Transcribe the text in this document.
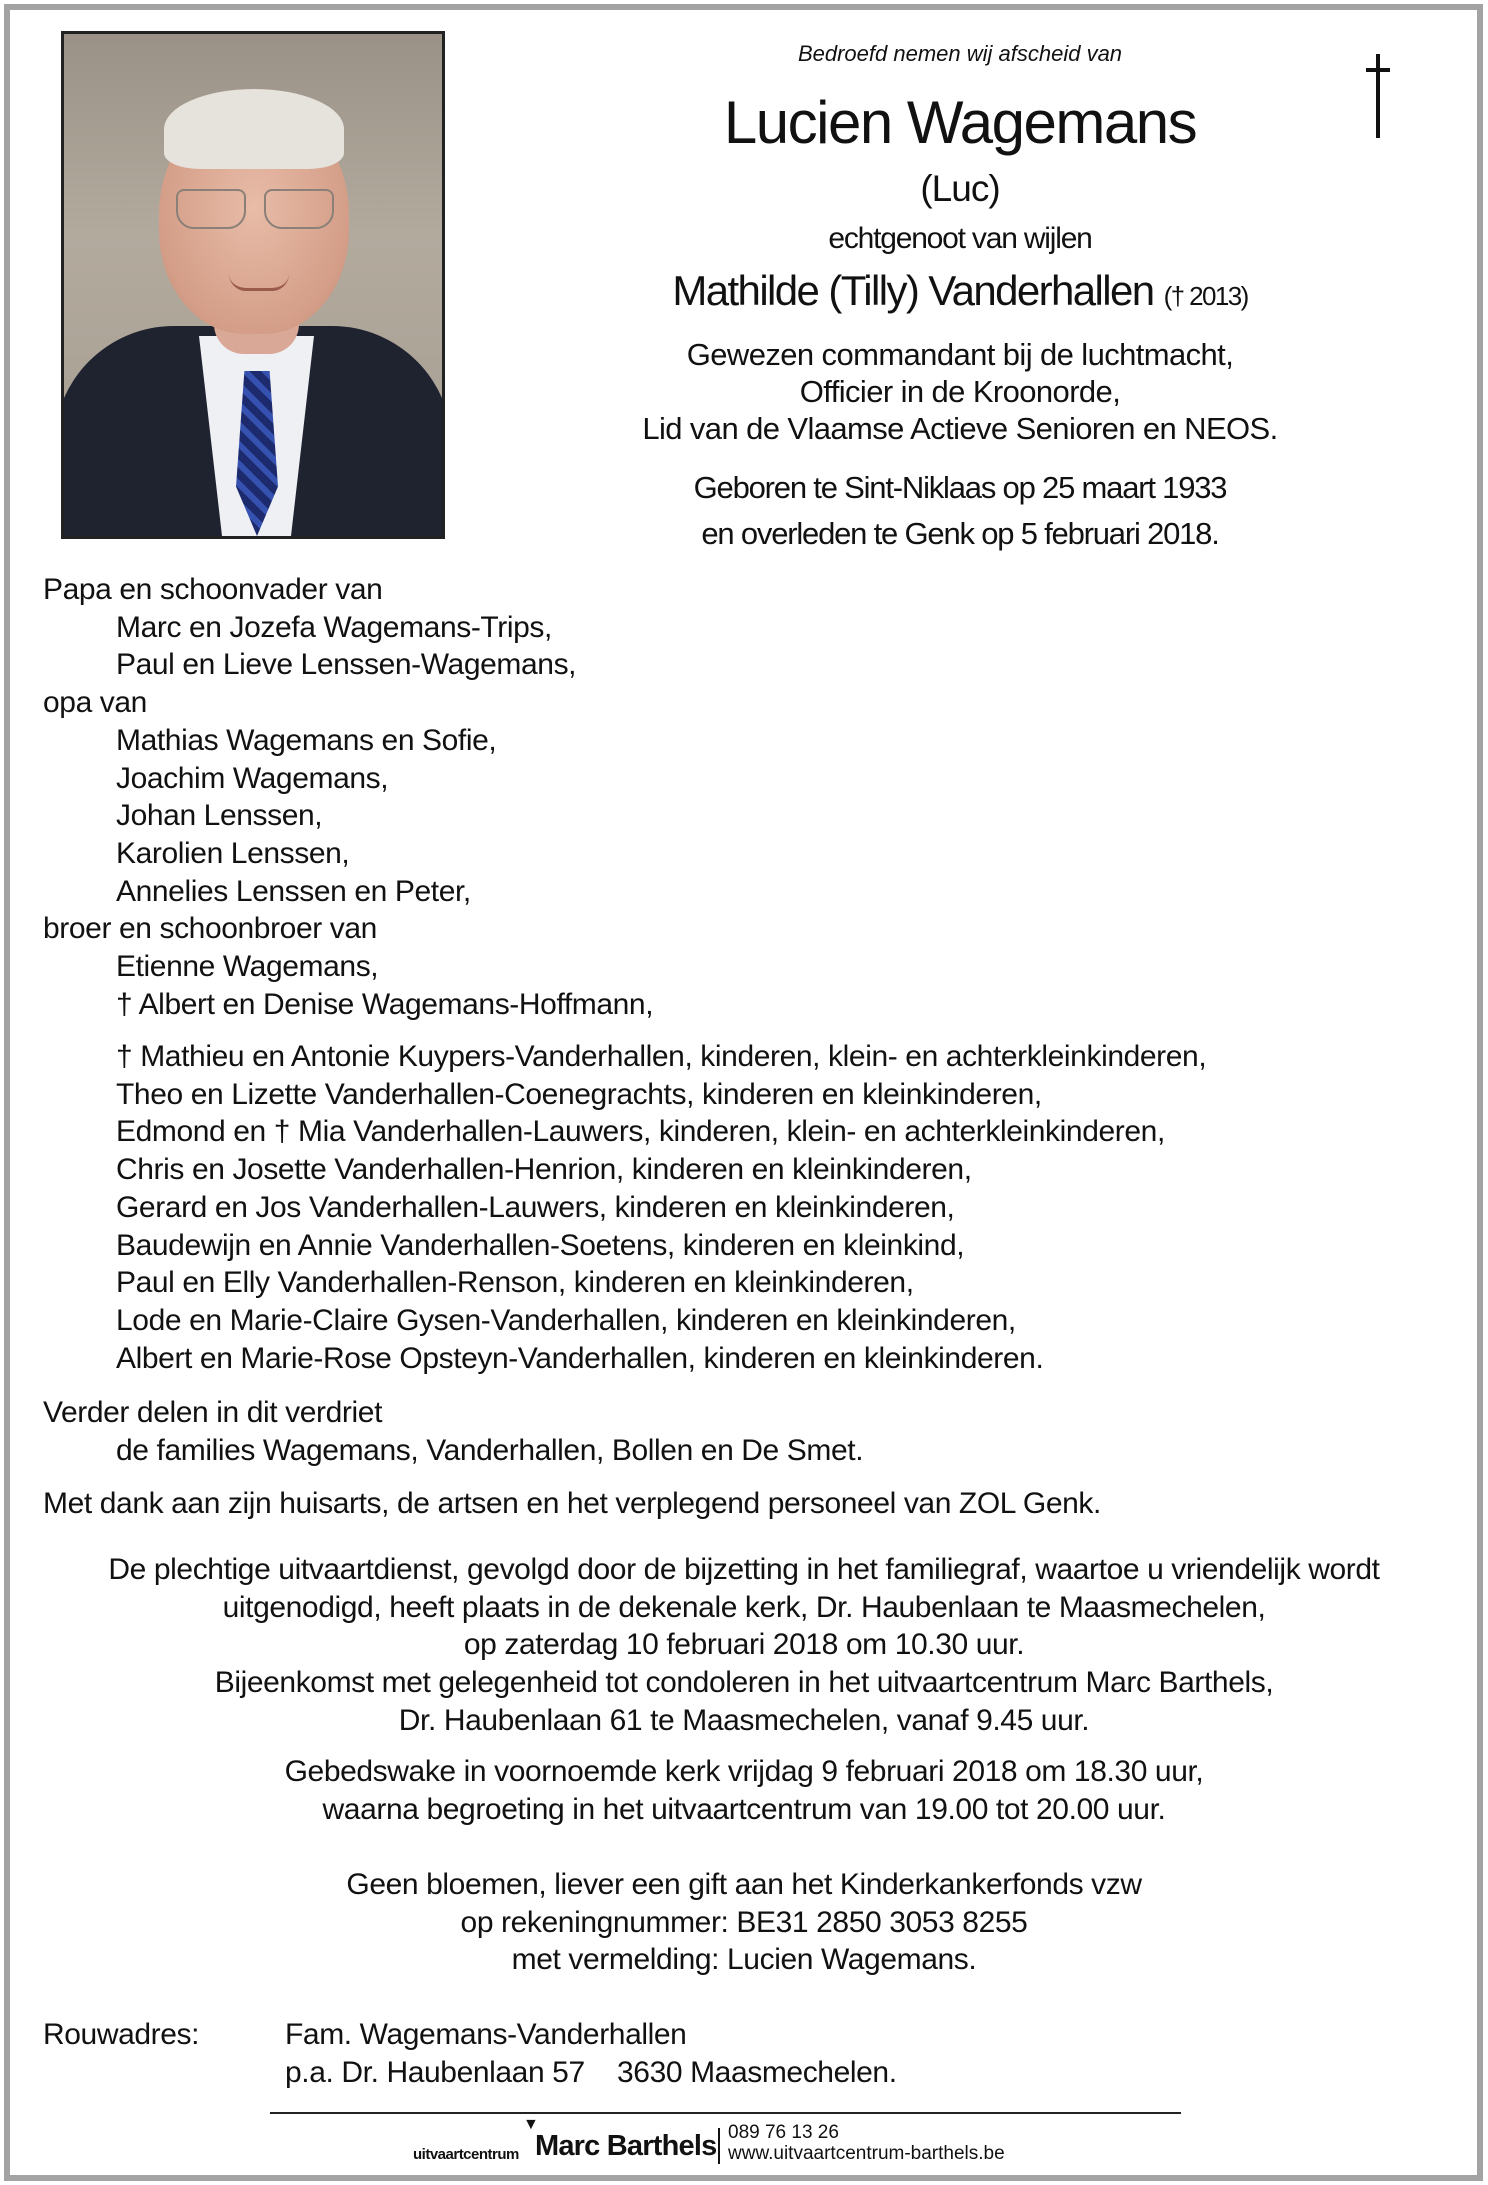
Bedroefd nemen wij afscheid van
Lucien Wagemans
(Luc)
echtgenoot van wijlen
Mathilde (Tilly) Vanderhallen († 2013)
Gewezen commandant bij de luchtmacht,
Officier in de Kroonorde,
Lid van de Vlaamse Actieve Senioren en NEOS.
Geboren te Sint-Niklaas op 25 maart 1933
en overleden te Genk op 5 februari 2018.
Papa en schoonvader van
Marc en Jozefa Wagemans-Trips,
Paul en Lieve Lenssen-Wagemans,
opa van
Mathias Wagemans en Sofie,
Joachim Wagemans,
Johan Lenssen,
Karolien Lenssen,
Annelies Lenssen en Peter,
broer en schoonbroer van
Etienne Wagemans,
† Albert en Denise Wagemans-Hoffmann,
† Mathieu en Antonie Kuypers-Vanderhallen, kinderen, klein- en achterkleinkinderen,
Theo en Lizette Vanderhallen-Coenegrachts, kinderen en kleinkinderen,
Edmond en † Mia Vanderhallen-Lauwers, kinderen, klein- en achterkleinkinderen,
Chris en Josette Vanderhallen-Henrion, kinderen en kleinkinderen,
Gerard en Jos Vanderhallen-Lauwers, kinderen en kleinkinderen,
Baudewijn en Annie Vanderhallen-Soetens, kinderen en kleinkind,
Paul en Elly Vanderhallen-Renson, kinderen en kleinkinderen,
Lode en Marie-Claire Gysen-Vanderhallen, kinderen en kleinkinderen,
Albert en Marie-Rose Opsteyn-Vanderhallen, kinderen en kleinkinderen.
Verder delen in dit verdriet
de families Wagemans, Vanderhallen, Bollen en De Smet.
Met dank aan zijn huisarts, de artsen en het verplegend personeel van ZOL Genk.
De plechtige uitvaartdienst, gevolgd door de bijzetting in het familiegraf, waartoe u vriendelijk wordt
uitgenodigd, heeft plaats in de dekenale kerk, Dr. Haubenlaan te Maasmechelen,
op zaterdag 10 februari 2018 om 10.30 uur.
Bijeenkomst met gelegenheid tot condoleren in het uitvaartcentrum Marc Barthels,
Dr. Haubenlaan 61 te Maasmechelen, vanaf 9.45 uur.
Gebedswake in voornoemde kerk vrijdag 9 februari 2018 om 18.30 uur,
waarna begroeting in het uitvaartcentrum van 19.00 tot 20.00 uur.
Geen bloemen, liever een gift aan het Kinderkankerfonds vzw
op rekeningnummer: BE31 2850 3053 8255
met vermelding: Lucien Wagemans.
Rouwadres:	Fam. Wagemans-Vanderhallen
p.a. Dr. Haubenlaan 57 3630 Maasmechelen.
uitvaartcentrum
▼
Marc Barthels 089 76 13 26
www.uitvaartcentrum-barthels.be
